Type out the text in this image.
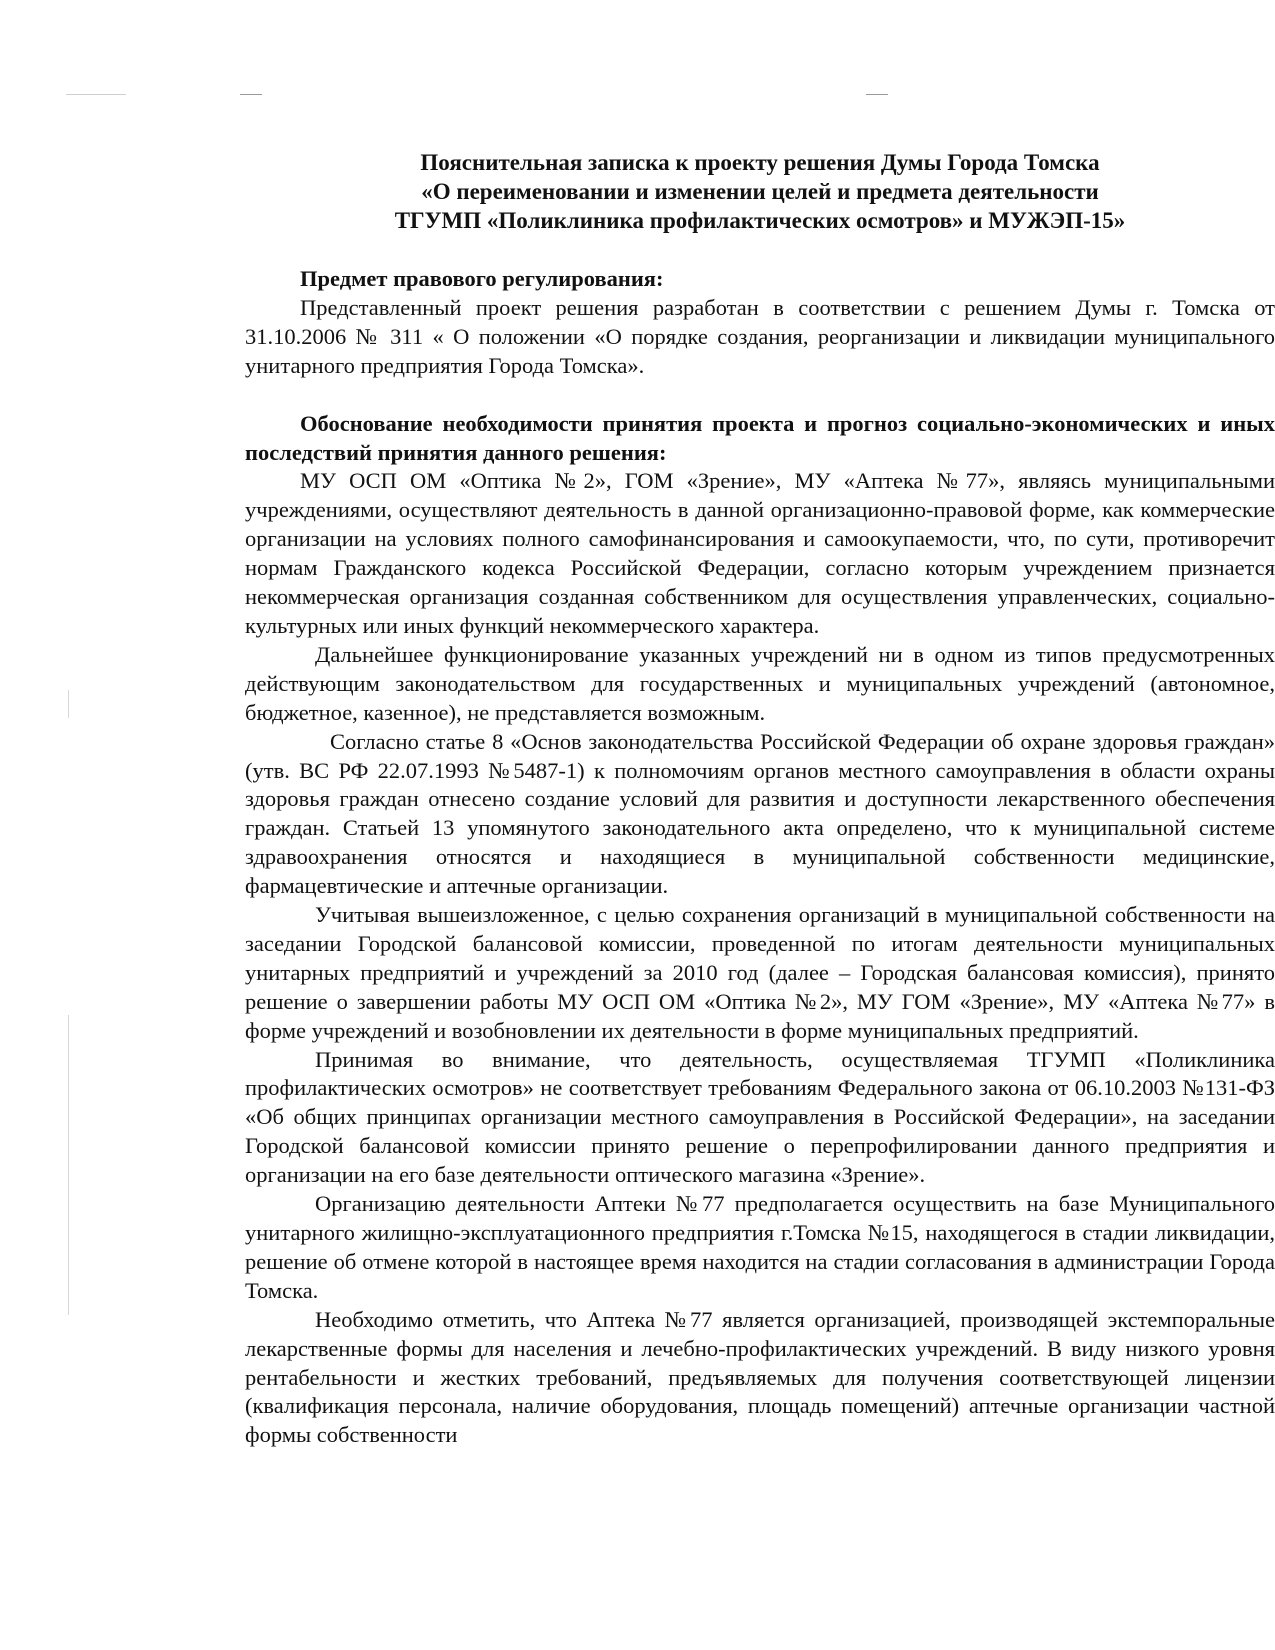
Пояснительная записка к проекту решения Думы Города Томска
«О переименовании и изменении целей и предмета деятельности
ТГУМП «Поликлиника профилактических осмотров» и МУЖЭП-15»

Предмет правового регулирования:

Представленный проект решения разработан в соответствии с решением Думы г. Томска от 31.10.2006 № 311 « О положении «О порядке создания, реорганизации и ликвидации муниципального унитарного предприятия Города Томска».

Обоснование необходимости принятия проекта и прогноз социально-экономических и иных последствий принятия данного решения:

МУ ОСП ОМ «Оптика №2», ГОМ «Зрение», МУ «Аптека №77», являясь муниципальными учреждениями, осуществляют деятельность в данной организационно-правовой форме, как коммерческие организации на условиях полного самофинансирования и самоокупаемости, что, по сути, противоречит нормам Гражданского кодекса Российской Федерации, согласно которым учреждением признается некоммерческая организация созданная собственником для осуществления управленческих, социально-культурных или иных функций некоммерческого характера.

Дальнейшее функционирование указанных учреждений ни в одном из типов предусмотренных действующим законодательством для государственных и муниципальных учреждений (автономное, бюджетное, казенное), не представляется возможным.

Согласно статье 8 «Основ законодательства Российской Федерации об охране здоровья граждан» (утв. ВС РФ 22.07.1993 №5487-1) к полномочиям органов местного самоуправления в области охраны здоровья граждан отнесено создание условий для развития и доступности лекарственного обеспечения граждан. Статьей 13 упомянутого законодательного акта определено, что к муниципальной системе здравоохранения относятся и находящиеся в муниципальной собственности медицинские, фармацевтические и аптечные организации.

Учитывая вышеизложенное, с целью сохранения организаций в муниципальной собственности на заседании Городской балансовой комиссии, проведенной по итогам деятельности муниципальных унитарных предприятий и учреждений за 2010 год (далее – Городская балансовая комиссия), принято решение о завершении работы МУ ОСП ОМ «Оптика №2», МУ ГОМ «Зрение», МУ «Аптека №77» в форме учреждений и возобновлении их деятельности в форме муниципальных предприятий.

Принимая во внимание, что деятельность, осуществляемая ТГУМП «Поликлиника профилактических осмотров» не соответствует требованиям Федерального закона от 06.10.2003 №131-ФЗ «Об общих принципах организации местного самоуправления в Российской Федерации», на заседании Городской балансовой комиссии принято решение о перепрофилировании данного предприятия и организации на его базе деятельности оптического магазина «Зрение».

Организацию деятельности Аптеки №77 предполагается осуществить на базе Муниципального унитарного жилищно-эксплуатационного предприятия г.Томска №15, находящегося в стадии ликвидации, решение об отмене которой в настоящее время находится на стадии согласования в администрации Города Томска.

Необходимо отметить, что Аптека №77 является организацией, производящей экстемпоральные лекарственные формы для населения и лечебно-профилактических учреждений. В виду низкого уровня рентабельности и жестких требований, предъявляемых для получения соответствующей лицензии (квалификация персонала, наличие оборудования, площадь помещений) аптечные организации частной формы собственности
